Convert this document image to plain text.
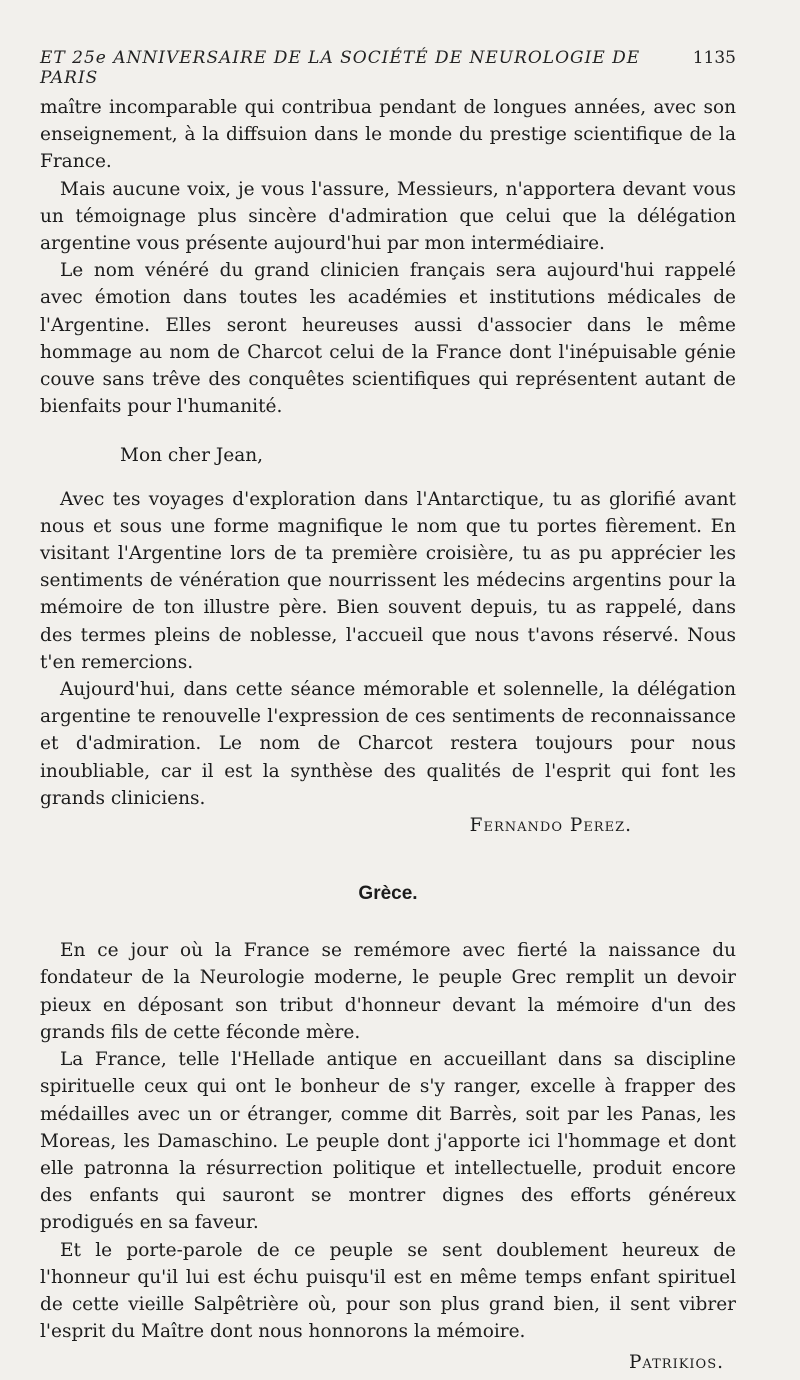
ET 25e ANNIVERSAIRE DE LA SOCIÉTÉ DE NEUROLOGIE DE PARIS
1135

maître incomparable qui contribua pendant de longues années, avec son enseignement, à la diffsuion dans le monde du prestige scientifique de la France.

Mais aucune voix, je vous l'assure, Messieurs, n'apportera devant vous un témoignage plus sincère d'admiration que celui que la délégation argentine vous présente aujourd'hui par mon intermédiaire.

Le nom vénéré du grand clinicien français sera aujourd'hui rappelé avec émotion dans toutes les académies et institutions médicales de l'Argentine. Elles seront heureuses aussi d'associer dans le même hommage au nom de Charcot celui de la France dont l'inépuisable génie couve sans trêve des conquêtes scientifiques qui représentent autant de bienfaits pour l'humanité.

Mon cher Jean,

Avec tes voyages d'exploration dans l'Antarctique, tu as glorifié avant nous et sous une forme magnifique le nom que tu portes fièrement. En visitant l'Argentine lors de ta première croisière, tu as pu apprécier les sentiments de vénération que nourrissent les médecins argentins pour la mémoire de ton illustre père. Bien souvent depuis, tu as rappelé, dans des termes pleins de noblesse, l'accueil que nous t'avons réservé. Nous t'en remercions.

Aujourd'hui, dans cette séance mémorable et solennelle, la délégation argentine te renouvelle l'expression de ces sentiments de reconnaissance et d'admiration. Le nom de Charcot restera toujours pour nous inoubliable, car il est la synthèse des qualités de l'esprit qui font les grands cliniciens.

Fernando Perez.

Grèce.

En ce jour où la France se remémore avec fierté la naissance du fondateur de la Neurologie moderne, le peuple Grec remplit un devoir pieux en déposant son tribut d'honneur devant la mémoire d'un des grands fils de cette féconde mère.

La France, telle l'Hellade antique en accueillant dans sa discipline spirituelle ceux qui ont le bonheur de s'y ranger, excelle à frapper des médailles avec un or étranger, comme dit Barrès, soit par les Panas, les Moreas, les Damaschino. Le peuple dont j'apporte ici l'hommage et dont elle patronna la résurrection politique et intellectuelle, produit encore des enfants qui sauront se montrer dignes des efforts généreux prodigués en sa faveur.

Et le porte-parole de ce peuple se sent doublement heureux de l'honneur qu'il lui est échu puisqu'il est en même temps enfant spirituel de cette vieille Salpêtrière où, pour son plus grand bien, il sent vibrer l'esprit du Maître dont nous honnorons la mémoire.

Patrikios.
